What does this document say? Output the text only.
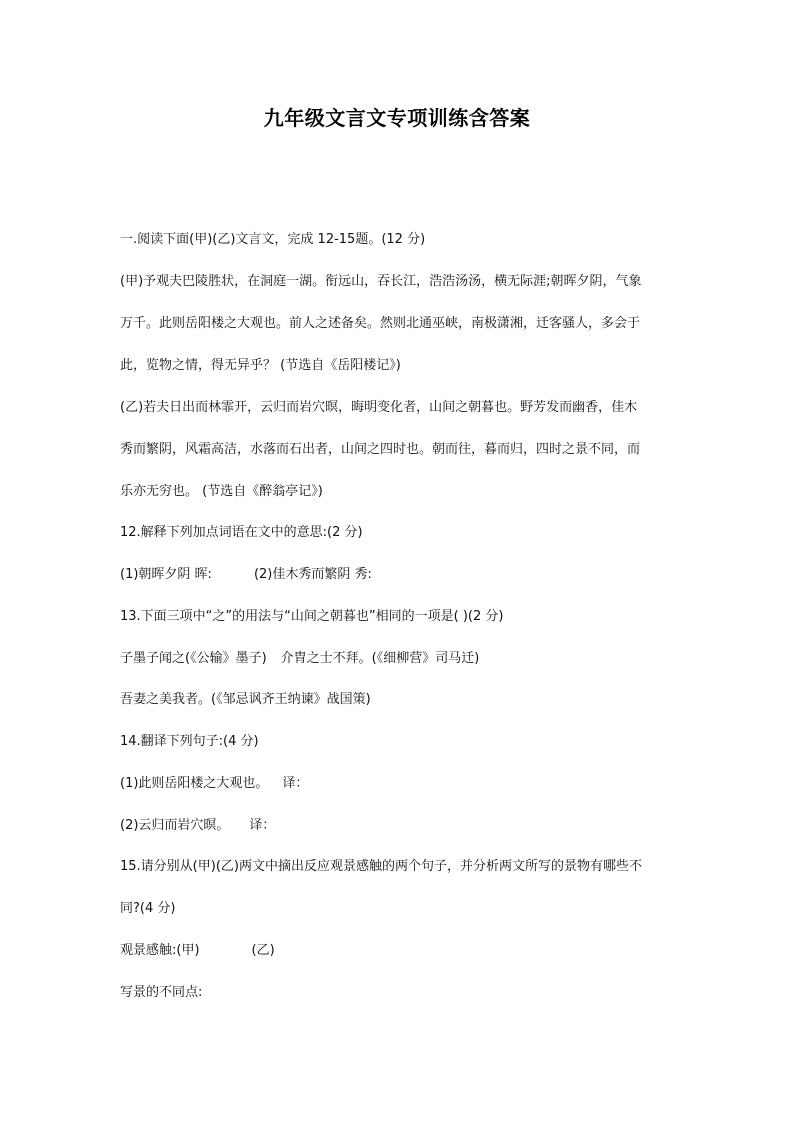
九年级文言文专项训练含答案
一.阅读下面(甲)(乙)文言文，完成 12-15题。(12 分)
(甲)予观夫巴陵胜状，在洞庭一湖。衔远山，吞长江，浩浩汤汤，横无际涯;朝晖夕阴，气象
万千。此则岳阳楼之大观也。前人之述备矣。然则北通巫峡，南极潇湘，迁客骚人，多会于
此，览物之情，得无异乎？ (节选自《岳阳楼记》)
(乙)若夫日出而林霏开，云归而岩穴暝，晦明变化者，山间之朝暮也。野芳发而幽香，佳木
秀而繁阴，风霜高洁，水落而石出者，山间之四时也。朝而往，暮而归，四时之景不同，而
乐亦无穷也。 (节选自《醉翁亭记》)
12.解释下列加点词语在文中的意思:(2 分)
(1)朝晖夕阴 晖:	(2)佳木秀而繁阴 秀:
13.下面三项中“之”的用法与“山间之朝暮也”相同的一项是( )(2 分)
子墨子闻之(《公输》墨子) 介胄之士不拜。(《细柳营》司马迁)
吾妻之美我者。(《邹忌讽齐王纳谏》战国策)
14.翻译下列句子:(4 分)
(1)此则岳阳楼之大观也。 译：
(2)云归而岩穴暝。 译：
15.请分别从(甲)(乙)两文中摘出反应观景感触的两个句子，并分析两文所写的景物有哪些不
同?(4 分)
观景感触:(甲)	(乙)
写景的不同点:
